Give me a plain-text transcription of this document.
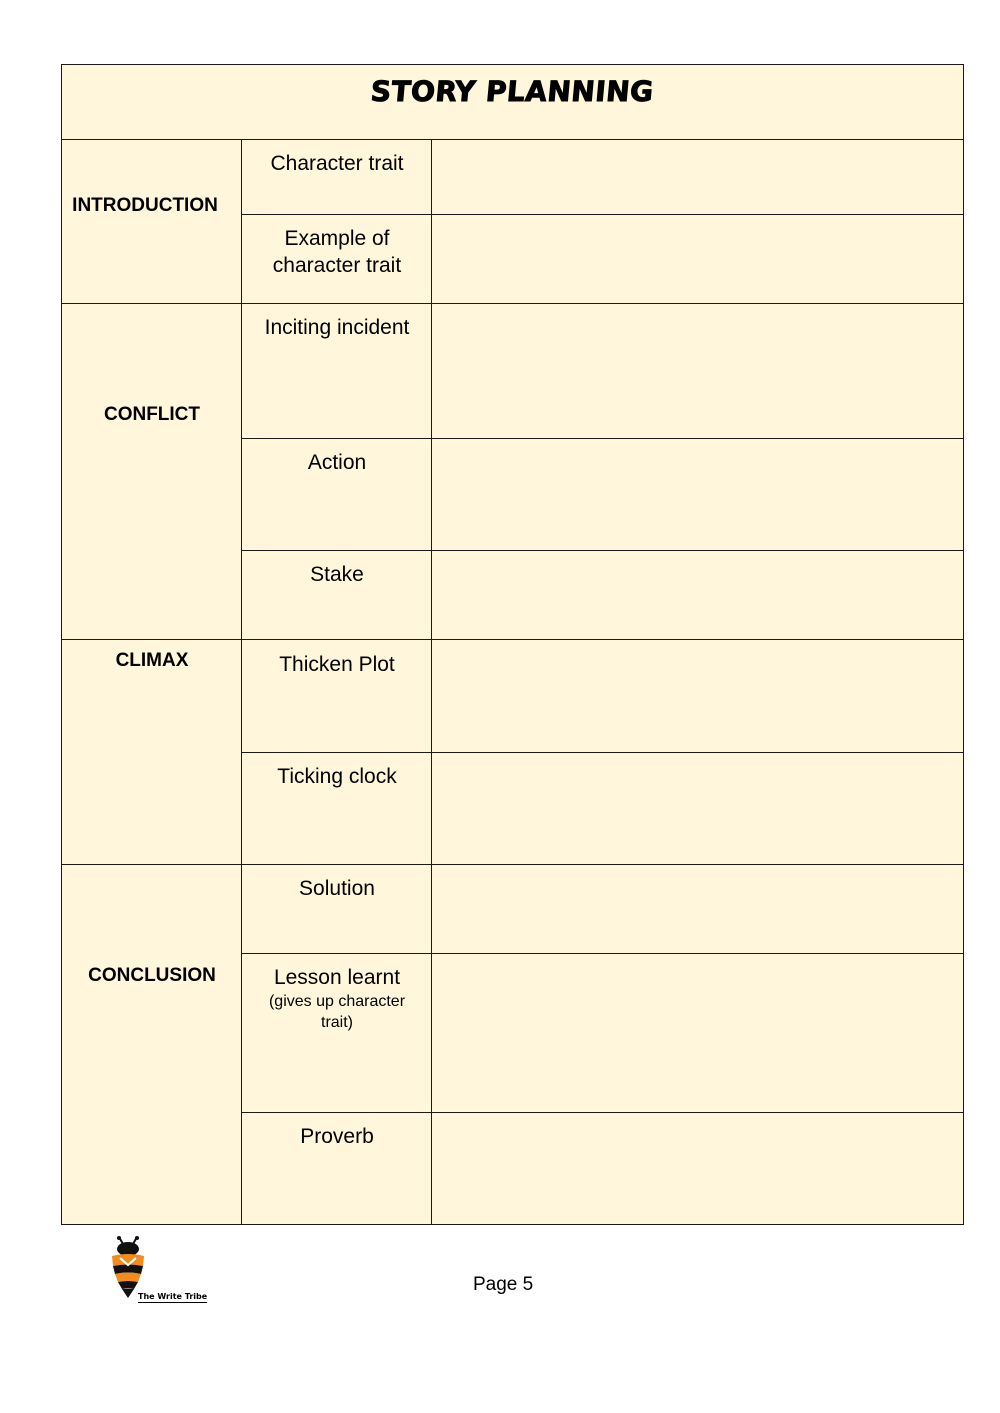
STORY PLANNING
INTRODUCTION
CONFLICT
CLIMAX
CONCLUSION
Character trait
Example of character trait
Inciting incident
Action
Stake
Thicken Plot
Ticking clock
Solution
Lesson learnt
(gives up character trait)
Proverb
The Write Tribe
Page 5
